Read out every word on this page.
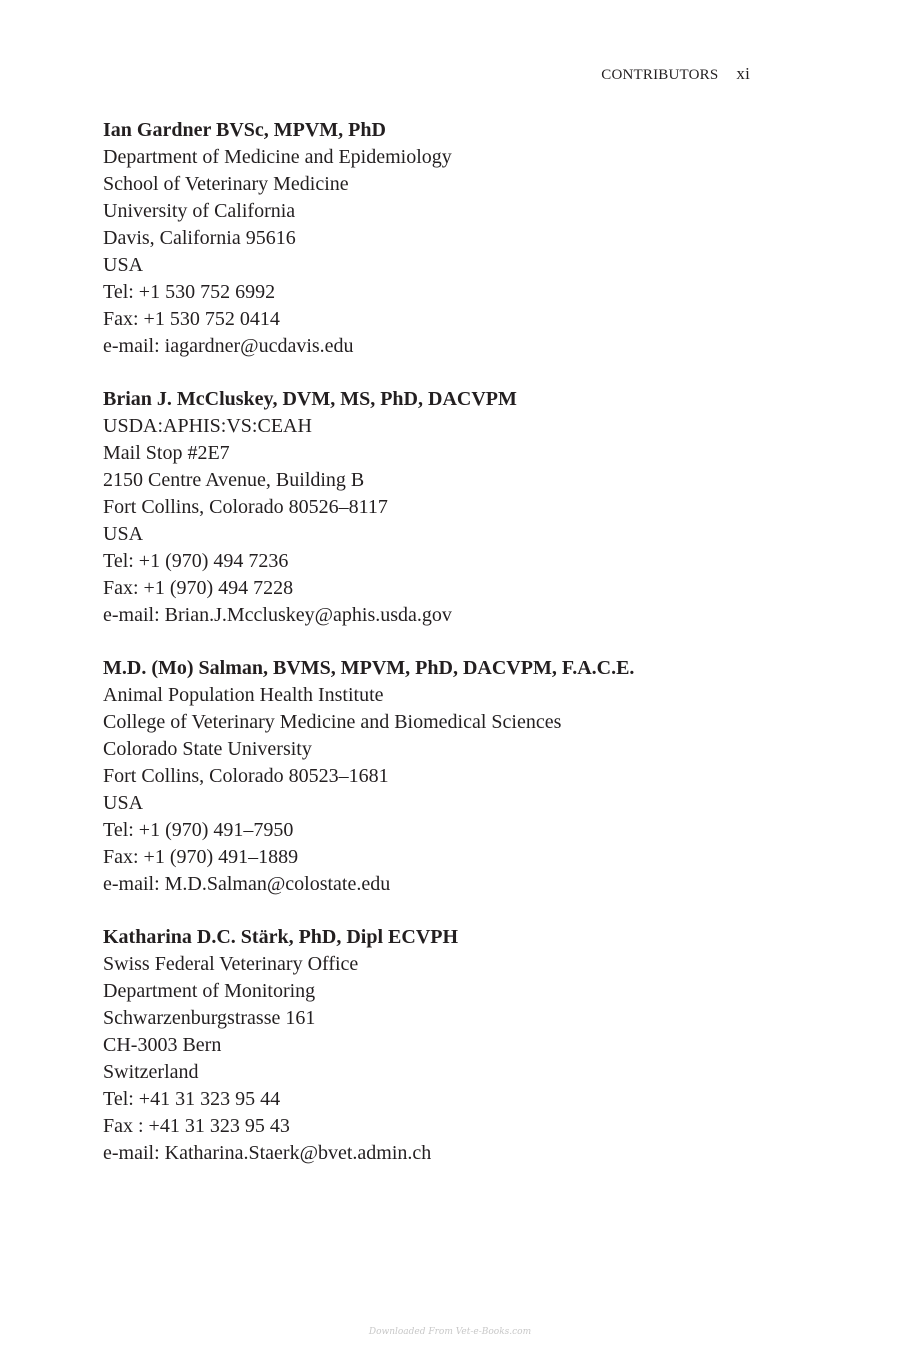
CONTRIBUTORS xi
Ian Gardner BVSc, MPVM, PhD
Department of Medicine and Epidemiology
School of Veterinary Medicine
University of California
Davis, California 95616
USA
Tel: +1 530 752 6992
Fax: +1 530 752 0414
e-mail: iagardner@ucdavis.edu
Brian J. McCluskey, DVM, MS, PhD, DACVPM
USDA:APHIS:VS:CEAH
Mail Stop #2E7
2150 Centre Avenue, Building B
Fort Collins, Colorado 80526–8117
USA
Tel: +1 (970) 494 7236
Fax: +1 (970) 494 7228
e-mail: Brian.J.Mccluskey@aphis.usda.gov
M.D. (Mo) Salman, BVMS, MPVM, PhD, DACVPM, F.A.C.E.
Animal Population Health Institute
College of Veterinary Medicine and Biomedical Sciences
Colorado State University
Fort Collins, Colorado 80523–1681
USA
Tel: +1 (970) 491–7950
Fax: +1 (970) 491–1889
e-mail: M.D.Salman@colostate.edu
Katharina D.C. Stärk, PhD, Dipl ECVPH
Swiss Federal Veterinary Office
Department of Monitoring
Schwarzenburgstrasse 161
CH-3003 Bern
Switzerland
Tel: +41 31 323 95 44
Fax : +41 31 323 95 43
e-mail: Katharina.Staerk@bvet.admin.ch
Downloaded From Vet-e-Books.com
